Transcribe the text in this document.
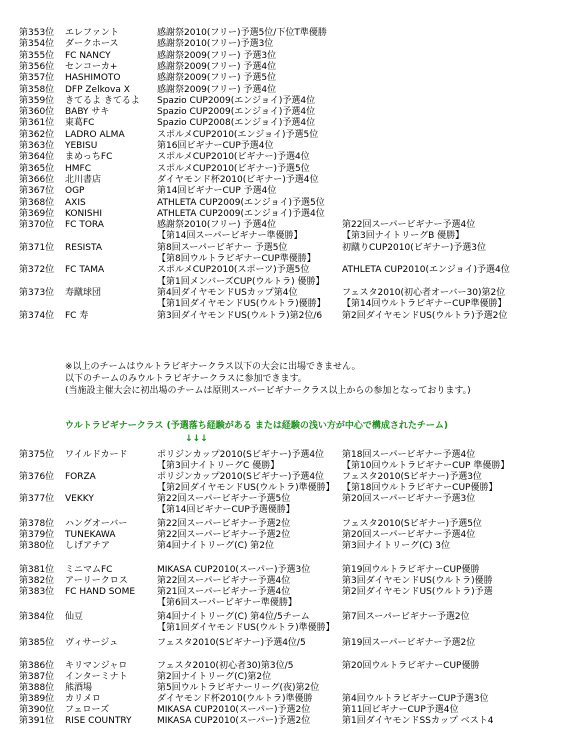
第353位 エレファント	感謝祭2010(フリー)予選5位/下位T準優勝
第354位 ダークホース	感謝祭2010(フリー)予選3位
第355位 FC NANCY	感謝祭2009(フリー) 予選3位
第356位 センコーカ+	感謝祭2009(フリー) 予選4位
第357位 HASHIMOTO	感謝祭2009(フリー) 予選5位
第358位 DFP Zelkova X	感謝祭2009(フリー) 予選4位
第359位 きてるよ きてるよ Spazio CUP2009(エンジョイ)予選4位
第360位 BABY サキ	Spazio CUP2009(エンジョイ)予選4位
第361位 東葛FC	Spazio CUP2008(エンジョイ)予選4位
第362位 LADRO ALMA	スポルメCUP2010(エンジョイ)予選5位
第363位 YEBISU	第16回ビギナーCUP予選4位
第364位 まめっちFC	スポルメCUP2010(ビギナー)予選4位
第365位 HMFC	スポルメCUP2010(ビギナー)予選5位
第366位 北川書店	ダイヤモンド杯2010(ビギナー)予選4位
第367位 OGP	第14回ビギナーCUP 予選4位
第368位 AXIS	ATHLETA CUP2009(エンジョイ)予選5位
第369位 KONISHI	ATHLETA CUP2009(エンジョイ)予選4位
第370位 FC TORA	感謝祭2010(フリー) 予選4位	第22回スーパービギナー予選4位
【第14回スーパービギナー準優勝】	【第3回ナイトリーグB 優勝】
第371位 RESISTA	第8回スーパービギナー 予選5位	初蹴りCUP2010(ビギナー)予選3位
【第8回ウルトラビギナーCUP準優勝】
第372位 FC TAMA	スポルメCUP2010(スポーツ)予選5位	ATHLETA CUP2010(エンジョイ)予選4位
【第1回メンバーズCUP(ウルトラ) 優勝】
第373位 寿蹴球団	第4回ダイヤモンドUSカップ第4位	フェスタ2010(初心者オーバー30)第2位
【第1回ダイヤモンドUS(ウルトラ)優勝】 【第14回ウルトラビギナーCUP準優勝】
第374位 FC 寿	第3回ダイヤモンドUS(ウルトラ)第2位/6 第2回ダイヤモンドUS(ウルトラ)予選2位
※以上のチームはウルトラビギナークラス以下の大会に出場できません。
以下のチームのみウルトラビギナークラスに参加できます。
(当施設主催大会に初出場のチームは原則スーパービギナークラス以上からの参加となっております。)
ウルトラビギナークラス (予選落ち経験がある または経験の浅い方が中心で構成されたチーム)
↓↓↓
第375位 ワイルドカード	ポリジンカップ2010(Sビギナー)予選4位 第18回スーパービギナー予選4位
【第3回ナイトリーグC 優勝】	【第10回ウルトラビギナーCUP 準優勝】
第376位 FORZA	ポリジンカップ2010(Sビギナー)予選4位 フェスタ2010(Sビギナー)予選3位
【第2回ダイヤモンドUS(ウルトラ)準優勝】 【第18回ウルトラビギナーCUP優勝】
第377位 VEKKY	第22回スーパービギナー予選5位	第20回スーパービギナー予選3位
【第14回ビギナーCUP予選優勝】
第378位 ハングオーバー	第22回スーパービギナー予選2位	フェスタ2010(Sビギナー)予選5位
第379位 TUNEKAWA	第22回スーパービギナー予選2位	第20回スーパービギナー予選4位
第380位 しげアチア	第4回ナイトリーグ(C) 第2位	第3回ナイトリーグ(C) 3位
第381位 ミニマムFC	MIKASA CUP2010(スーパー)予選3位	第19回ウルトラビギナーCUP優勝
第382位 アーリークロス	第22回スーパービギナー予選4位	第3回ダイヤモンドUS(ウルトラ)優勝
第383位 FC HAND SOME 第21回スーパービギナー予選4位	第2回ダイヤモンドUS(ウルトラ)予選
【第6回スーパービギナー準優勝】
第384位 仙豆	第4回ナイトリーグ(C) 第4位/5チーム	第7回スーパービギナー予選2位
【第1回ダイヤモンドUS(ウルトラ)準優勝】
第385位 ヴィサージュ	フェスタ2010(Sビギナー)予選4位/5	第19回スーパービギナー予選2位
第386位 キリマンジャロ	フェスタ2010(初心者30)第3位/5	第20回ウルトラビギナーCUP優勝
第387位 インターミナト	第2回ナイトリーグ(C)第2位
第388位 熊酒場	第5回ウルトラビギナーリーグ(夜)第2位
第389位 カリメロ	ダイヤモンド杯2010(ウルトラ)準優勝	第4回ウルトラビギナーCUP予選3位
第390位 フェローズ	MIKASA CUP2010(スーパー)予選2位	第11回ビギナーCUP予選4位
第391位 RISE COUNTRY	MIKASA CUP2010(スーパー)予選2位	第1回ダイヤモンドSSカップ ベスト4
